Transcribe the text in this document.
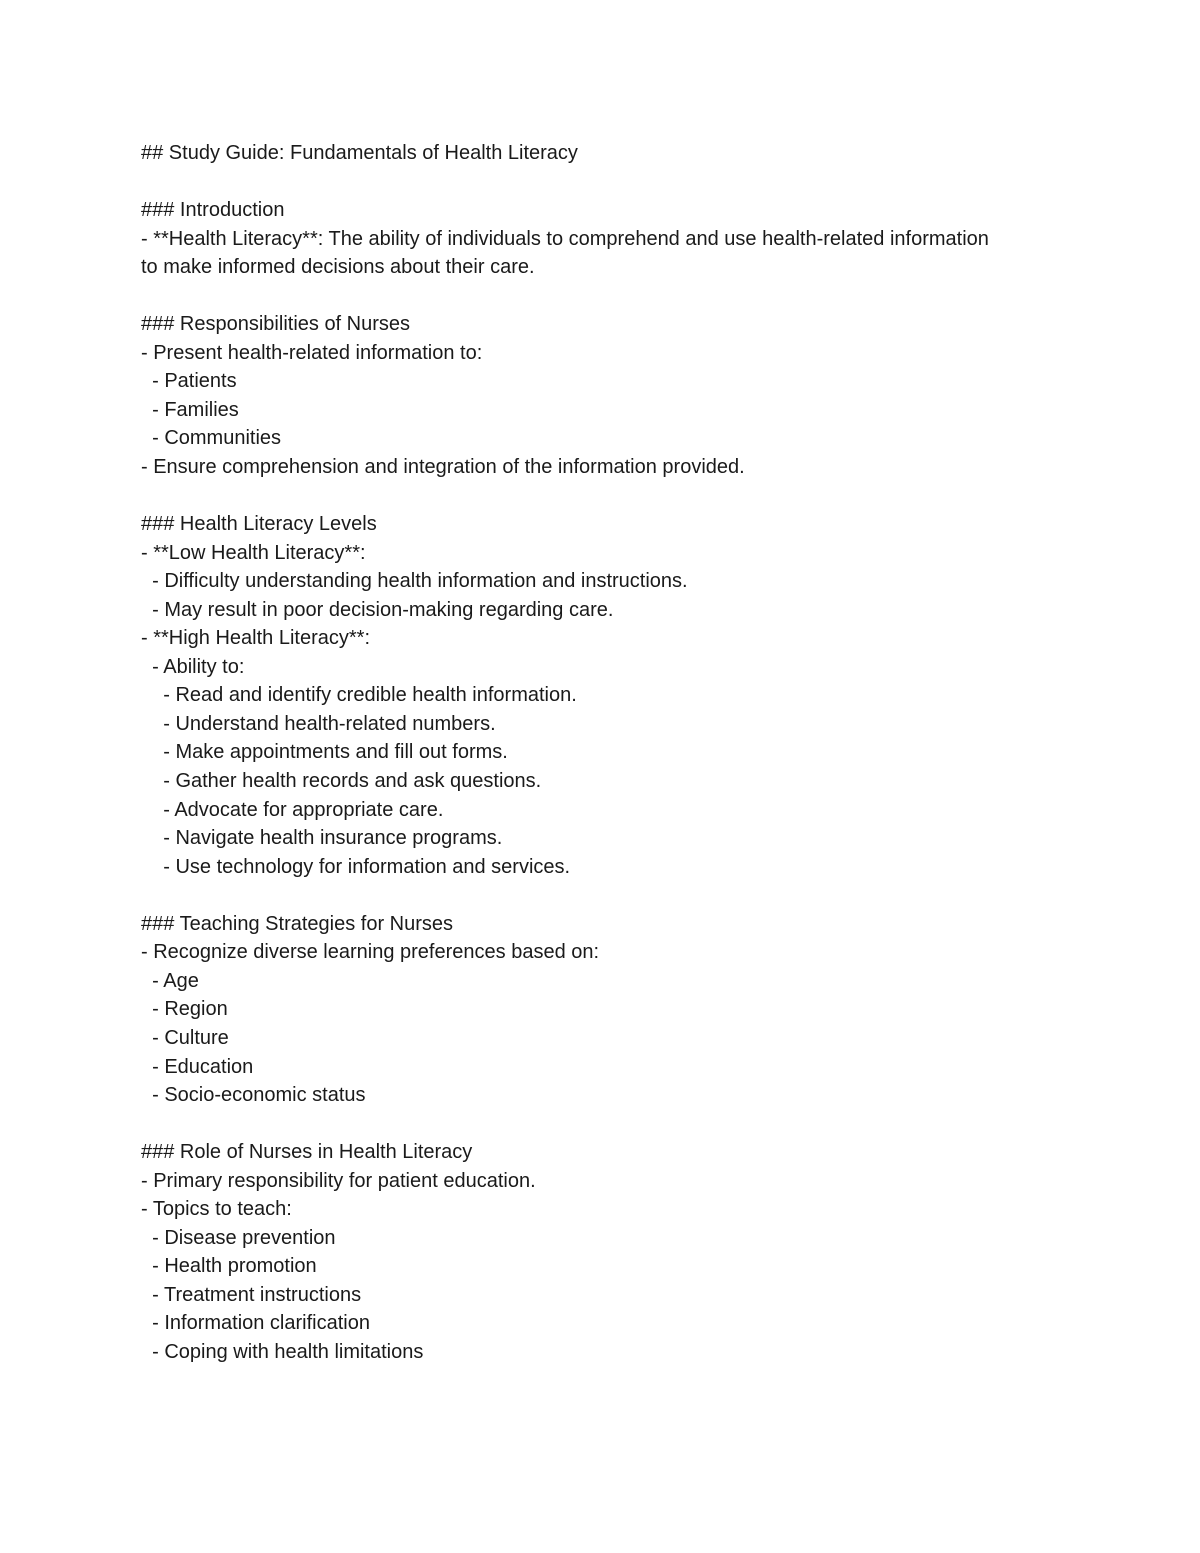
## Study Guide: Fundamentals of Health Literacy
### Introduction
- **Health Literacy**: The ability of individuals to comprehend and use health-related information
to make informed decisions about their care.
### Responsibilities of Nurses
- Present health-related information to:
- Patients
- Families
- Communities
- Ensure comprehension and integration of the information provided.
### Health Literacy Levels
- **Low Health Literacy**:
- Difficulty understanding health information and instructions.
- May result in poor decision-making regarding care.
- **High Health Literacy**:
- Ability to:
- Read and identify credible health information.
- Understand health-related numbers.
- Make appointments and fill out forms.
- Gather health records and ask questions.
- Advocate for appropriate care.
- Navigate health insurance programs.
- Use technology for information and services.
### Teaching Strategies for Nurses
- Recognize diverse learning preferences based on:
- Age
- Region
- Culture
- Education
- Socio-economic status
### Role of Nurses in Health Literacy
- Primary responsibility for patient education.
- Topics to teach:
- Disease prevention
- Health promotion
- Treatment instructions
- Information clarification
- Coping with health limitations
